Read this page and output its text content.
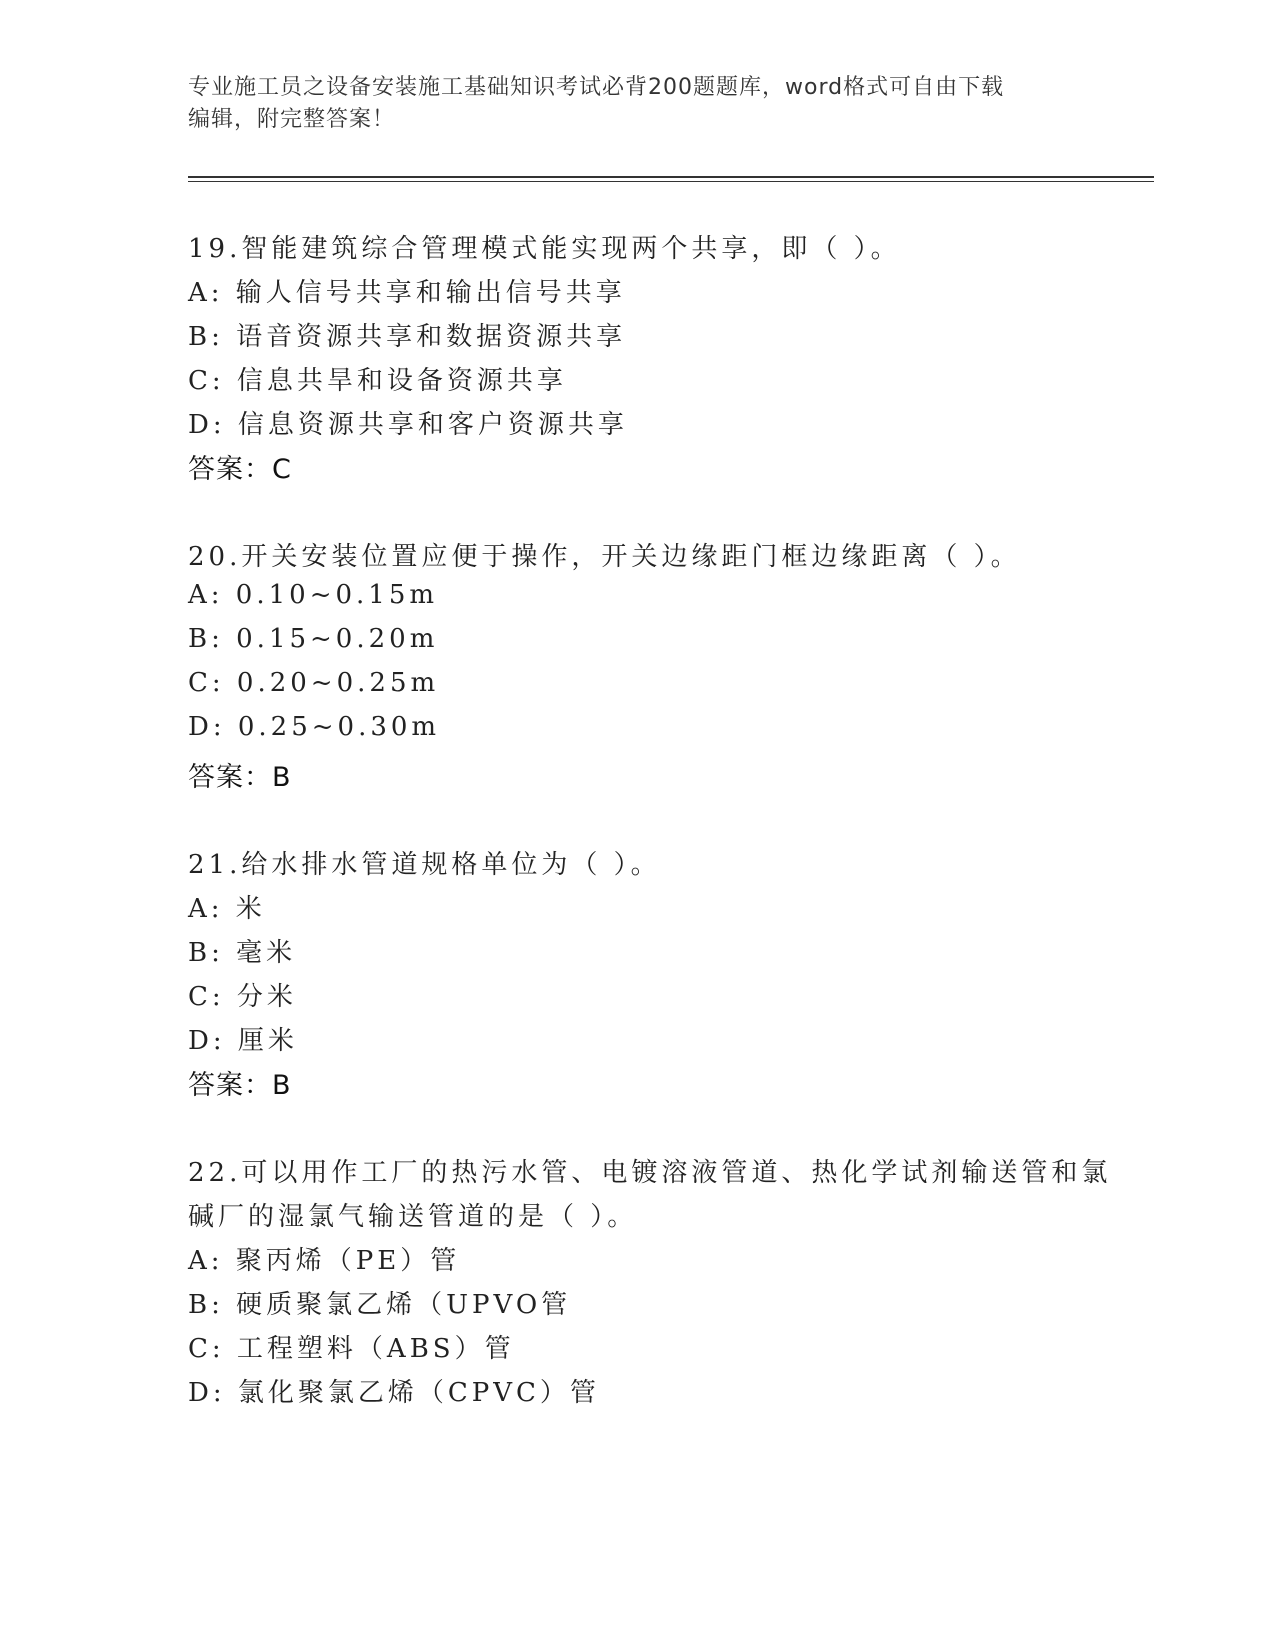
专业施工员之设备安装施工基础知识考试必背200题题库，word格式可自由下载
编辑，附完整答案！
19.智能建筑综合管理模式能实现两个共享，即（ ）。
A: 输人信号共享和输出信号共享
B: 语音资源共享和数据资源共享
C: 信息共旱和设备资源共享
D: 信息资源共享和客户资源共享
答案：C
20.开关安装位置应便于操作，开关边缘距门框边缘距离（ ）。
A: 0.10~0.15m
B: 0.15~0.20m
C: 0.20~0.25m
D: 0.25~0.30m
答案：B
21.给水排水管道规格单位为（ ）。
A: 米
B: 毫米
C: 分米
D: 厘米
答案：B
22.可以用作工厂的热污水管、电镀溶液管道、热化学试剂输送管和氯
碱厂的湿氯气输送管道的是（ ）。
A: 聚丙烯（PE）管
B: 硬质聚氯乙烯（UPVO管
C: 工程塑料（ABS）管
D: 氯化聚氯乙烯（CPVC）管
